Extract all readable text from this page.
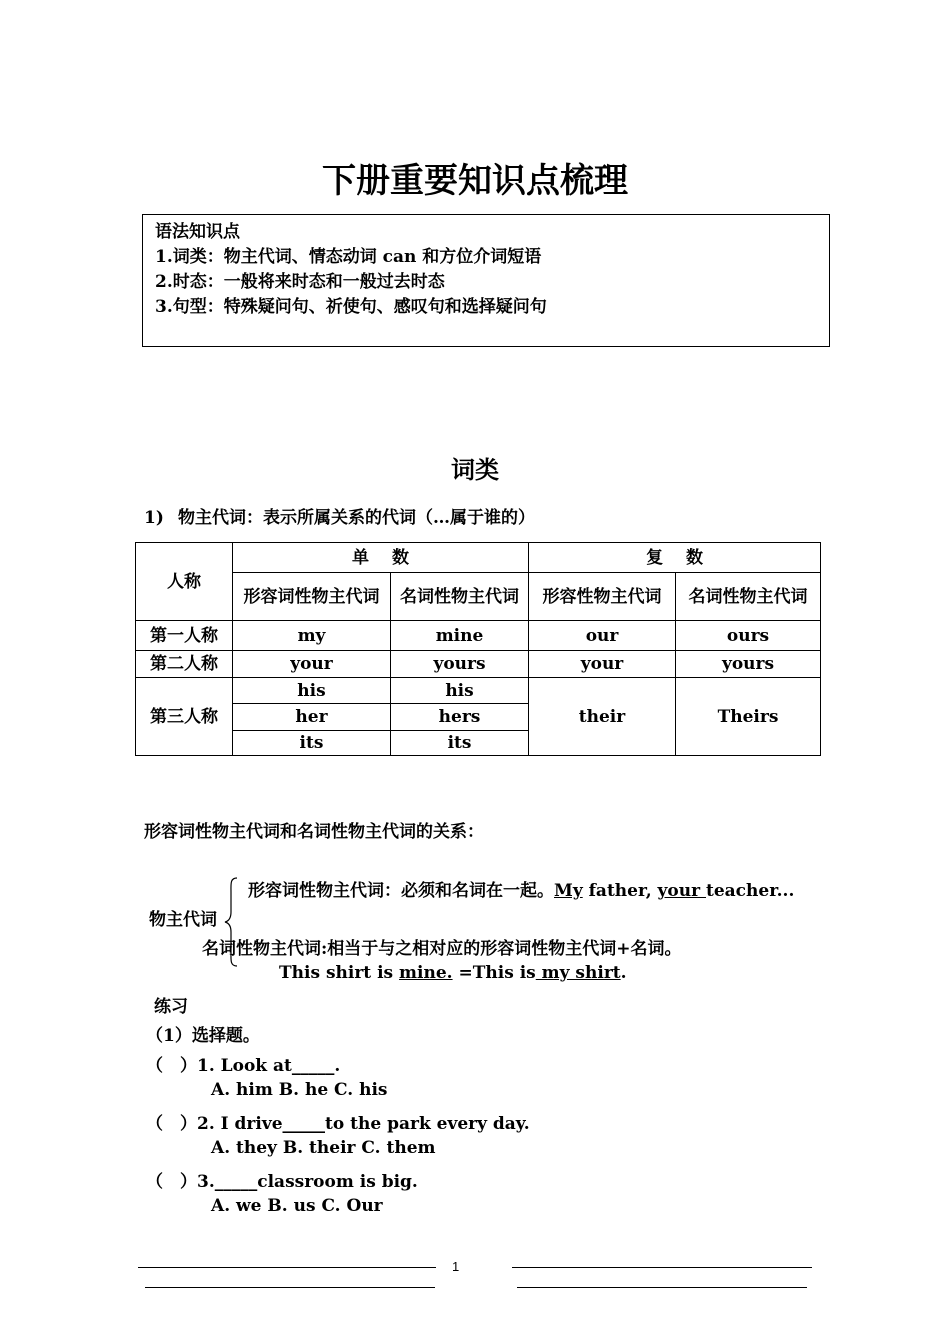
下册重要知识点梳理
语法知识点
1.词类：物主代词、情态动词 can 和方位介词短语
2.时态：一般将来时态和一般过去时态
3.句型：特殊疑问句、祈使句、感叹句和选择疑问句
词类
1) 物主代词：表示所属关系的代词（…属于谁的）
人称	单　 数		复　 数	
	形容词性物主代词	名词性物主代词	形容性物主代词	名词性物主代词
第一人称	my	mine	our	ours
第二人称	your	yours	your	yours
第三人称	his	his	their	Theirs
	her	hers		
	its	its		
形容词性物主代词和名词性物主代词的关系：
形容词性物主代词：必须和名词在一起。My father, your teacher...
物主代词
名词性物主代词:相当于与之相对应的形容词性物主代词+名词。
This shirt is mine. =This is my shirt.
练习
（1）选择题。
（　）1. Look at_____.
A. him B. he C. his
（　）2. I drive_____to the park every day.
A. they B. their C. them
（　）3._____classroom is big.
A. we B. us C. Our
1
